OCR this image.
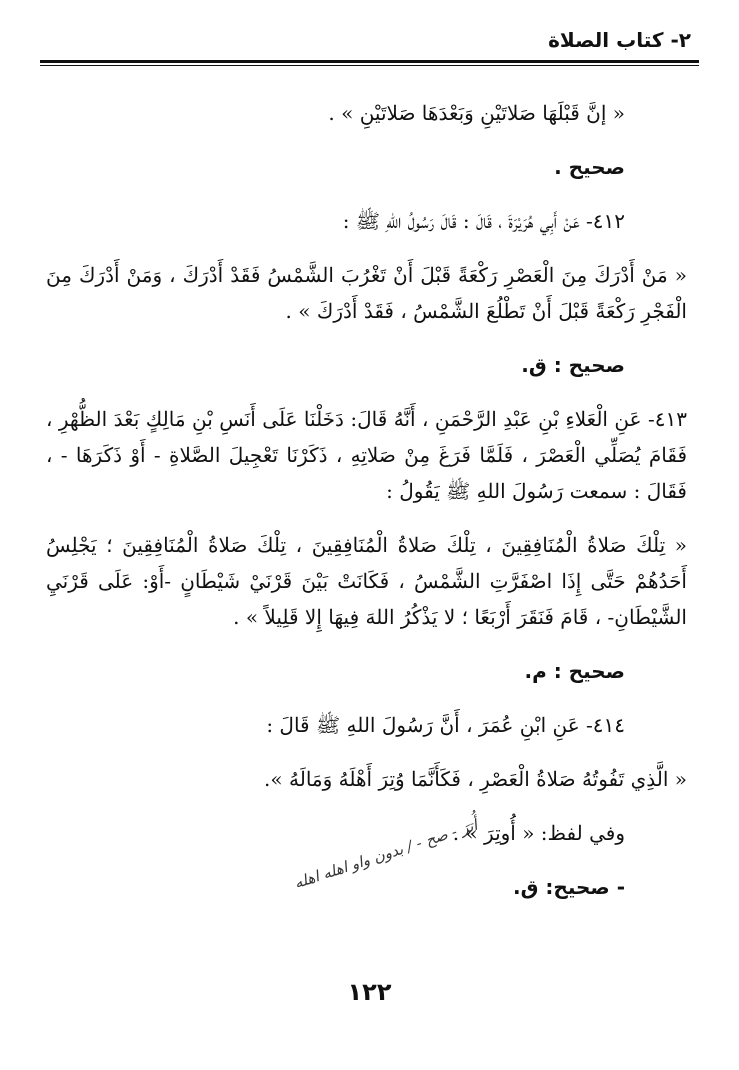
٢- كتاب الصلاة

« إنَّ قَبْلَهَا صَلاتَيْنِ وَبَعْدَهَا صَلاتَيْنِ » .

صحيح .

٤١٢- عَنْ أَبِي هُرَيْرَةَ ، قَالَ : قَالَ رَسُولُ اللهِ ﷺ :

« مَنْ أَدْرَكَ مِنَ الْعَصْرِ رَكْعَةً قَبْلَ أَنْ تَغْرُبَ الشَّمْسُ فَقَدْ أَدْرَكَ ، وَمَنْ أَدْرَكَ مِنَ الْفَجْرِ رَكْعَةً قَبْلَ أَنْ تَطْلُعَ الشَّمْسُ ، فَقَدْ أَدْرَكَ » .

صحيح : ق.

٤١٣- عَنِ الْعَلاءِ بْنِ عَبْدِ الرَّحْمَنِ ، أَنَّهُ قَالَ: دَخَلْنَا عَلَى أَنَسِ بْنِ مَالِكٍ بَعْدَ الظُّهْرِ ، فَقَامَ يُصَلِّي الْعَصْرَ ، فَلَمَّا فَرَغَ مِنْ صَلاتِهِ ، ذَكَرْنَا تَعْجِيلَ الصَّلاةِ - أَوْ ذَكَرَهَا - ، فَقَالَ : سمعت رَسُولَ اللهِ ﷺ يَقُولُ :

« تِلْكَ صَلاةُ الْمُنَافِقِينَ ، تِلْكَ صَلاةُ الْمُنَافِقِينَ ، تِلْكَ صَلاةُ الْمُنَافِقِينَ ؛ يَجْلِسُ أَحَدُهُمْ حَتَّى إِذَا اصْفَرَّتِ الشَّمْسُ ، فَكَانَتْ بَيْنَ قَرْنَيْ شَيْطَانٍ -أَوْ: عَلَى قَرْنَيِ الشَّيْطَانِ- ، قَامَ فَنَقَرَ أَرْبَعًا ؛ لا يَذْكُرُ اللهَ فِيهَا إِلا قَلِيلاً » .

صحيح : م.

٤١٤- عَنِ ابْنِ عُمَرَ ، أَنَّ رَسُولَ اللهِ ﷺ قَالَ :

« الَّذِي تَفُوتُهُ صَلاةُ الْعَصْرِ ، فَكَأَنَّمَا وُتِرَ أَهْلَهُ وَمَالَهُ ».

وفي لفظ: « أُوتِرَ » .

- صحيح: ق.

أُتِرَ - صح - / بدون واو اهله اهله
١٢٢
